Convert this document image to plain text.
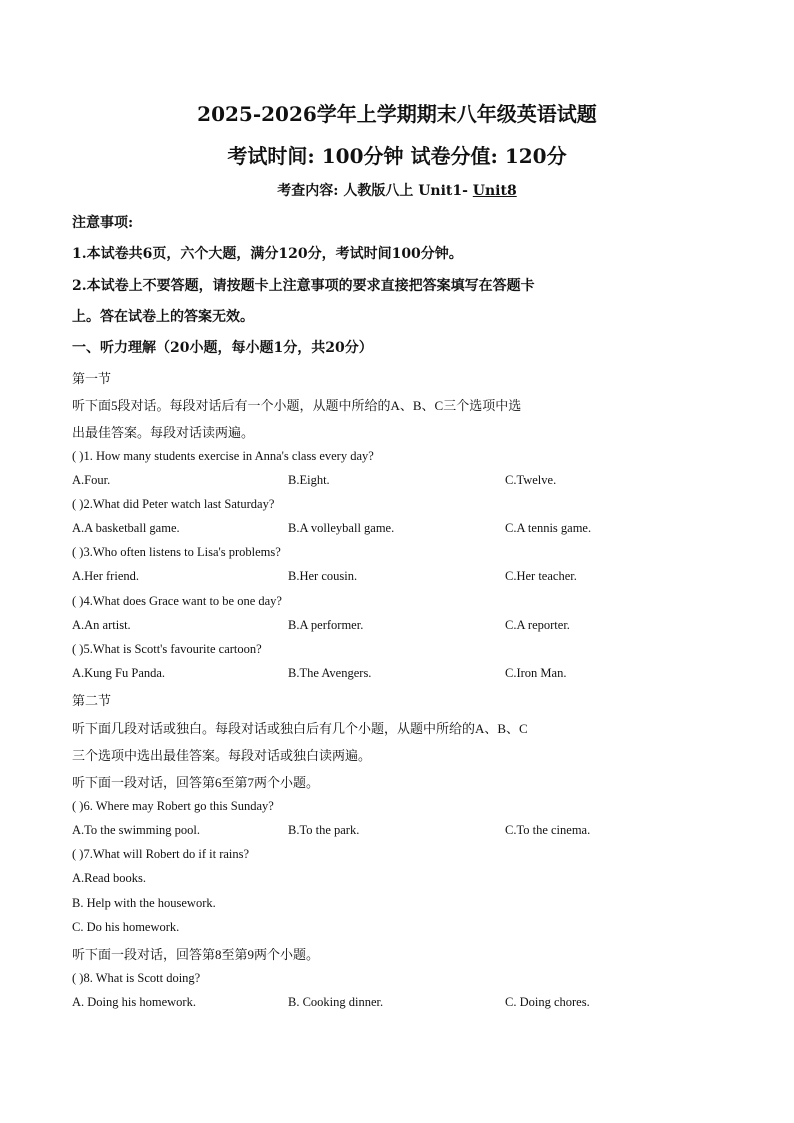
2025-2026学年上学期期末八年级英语试题
考试时间: 100分钟 试卷分值: 120分
考查内容: 人教版八上 Unit1- Unit8
注意事项:
1.本试卷共6页，六个大题，满分120分，考试时间100分钟。
2.本试卷上不要答题，请按题卡上注意事项的要求直接把答案填写在答题卡
上。答在试卷上的答案无效。
一、听力理解（20小题，每小题1分，共20分）
第一节
听下面5段对话。每段对话后有一个小题，从题中所给的A、B、C三个选项中选
出最佳答案。每段对话读两遍。
( )1. How many students exercise in Anna's class every day?
A.Four.	B.Eight.	C.Twelve.
( )2.What did Peter watch last Saturday?
A.A basketball game.	B.A volleyball game.	C.A tennis game.
( )3.Who often listens to Lisa's problems?
A.Her friend.	B.Her cousin.	C.Her teacher.
( )4.What does Grace want to be one day?
A.An artist.	B.A performer.	C.A reporter.
( )5.What is Scott's favourite cartoon?
A.Kung Fu Panda.	B.The Avengers.	C.Iron Man.
第二节
听下面几段对话或独白。每段对话或独白后有几个小题，从题中所给的A、B、C
三个选项中选出最佳答案。每段对话或独白读两遍。
听下面一段对话，回答第6至第7两个小题。
( )6. Where may Robert go this Sunday?
A.To the swimming pool.	B.To the park.	C.To the cinema.
( )7.What will Robert do if it rains?
A.Read books.
B. Help with the housework.
C. Do his homework.
听下面一段对话，回答第8至第9两个小题。
( )8. What is Scott doing?
A. Doing his homework.	B. Cooking dinner.	C. Doing chores.
